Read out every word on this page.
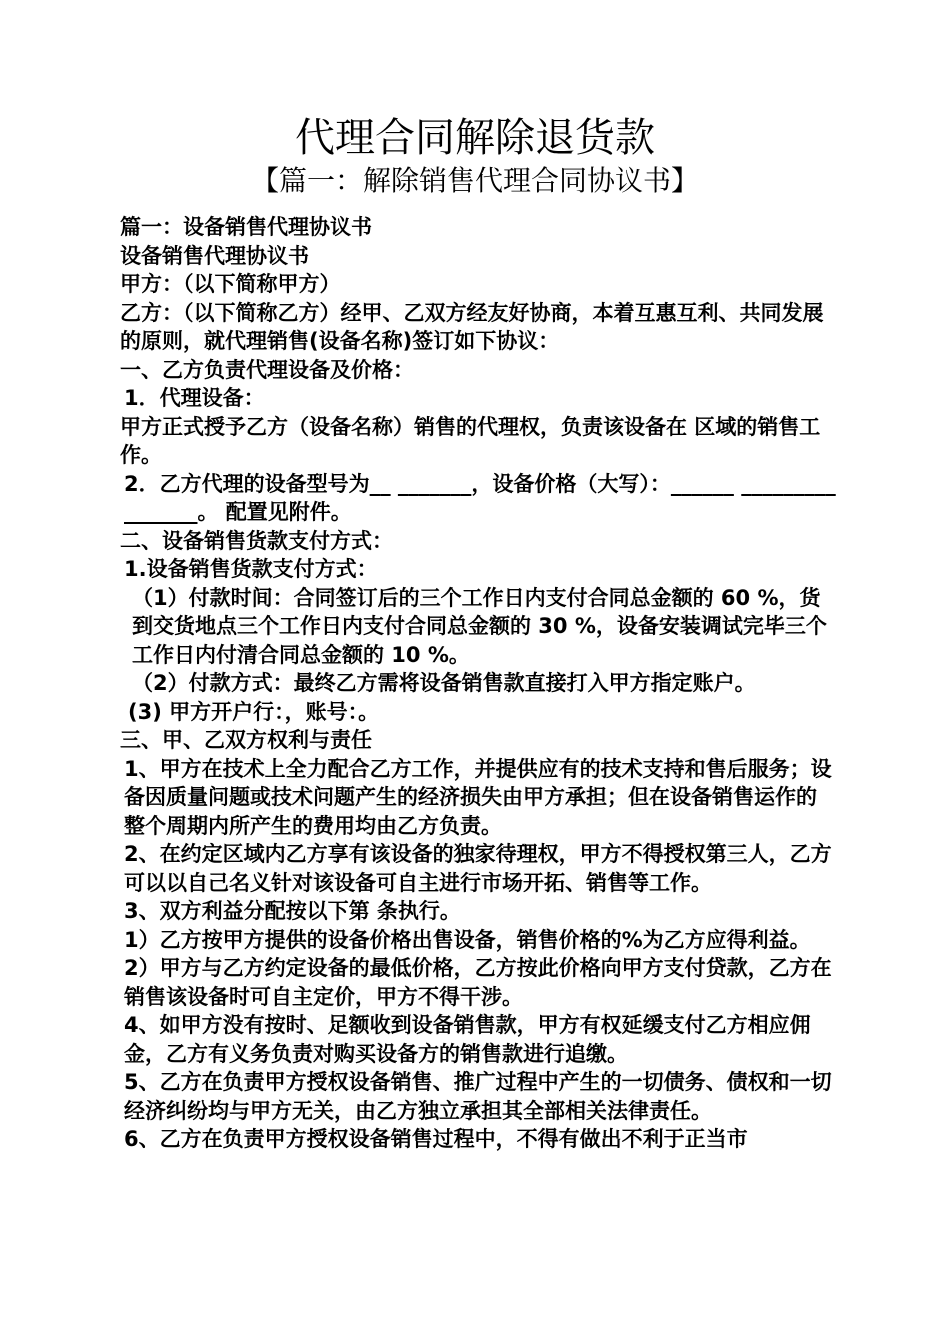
代理合同解除退货款
【篇一：解除销售代理合同协议书】

篇一：设备销售代理协议书

设备销售代理协议书

甲方：（以下简称甲方）

乙方：（以下简称乙方）经甲、乙双方经友好协商，本着互惠互利、共同发展的原则，就代理销售(设备名称)签订如下协议：

一、乙方负责代理设备及价格：

1．代理设备：

甲方正式授予乙方（设备名称）销售的代理权，负责该设备在 区域的销售工作。

2．乙方代理的设备型号为__ _______，设备价格（大写）：______ ________________。 配置见附件。

二、设备销售货款支付方式：

1.设备销售货款支付方式：

（1）付款时间：合同签订后的三个工作日内支付合同总金额的 60 %，货到交货地点三个工作日内支付合同总金额的 30 %，设备安装调试完毕三个工作日内付清合同总金额的 10 %。

（2）付款方式：最终乙方需将设备销售款直接打入甲方指定账户。

(3) 甲方开户行：，账号：。

三、甲、乙双方权利与责任

1、甲方在技术上全力配合乙方工作，并提供应有的技术支持和售后服务；设备因质量问题或技术问题产生的经济损失由甲方承担；但在设备销售运作的整个周期内所产生的费用均由乙方负责。

2、在约定区域内乙方享有该设备的独家待理权，甲方不得授权第三人，乙方可以以自己名义针对该设备可自主进行市场开拓、销售等工作。

3、双方利益分配按以下第 条执行。

1）乙方按甲方提供的设备价格出售设备，销售价格的%为乙方应得利益。

2）甲方与乙方约定设备的最低价格，乙方按此价格向甲方支付贷款，乙方在销售该设备时可自主定价，甲方不得干涉。

4、如甲方没有按时、足额收到设备销售款，甲方有权延缓支付乙方相应佣金，乙方有义务负责对购买设备方的销售款进行追缴。

5、乙方在负责甲方授权设备销售、推广过程中产生的一切债务、债权和一切经济纠纷均与甲方无关，由乙方独立承担其全部相关法律责任。

6、乙方在负责甲方授权设备销售过程中，不得有做出不利于正当市
